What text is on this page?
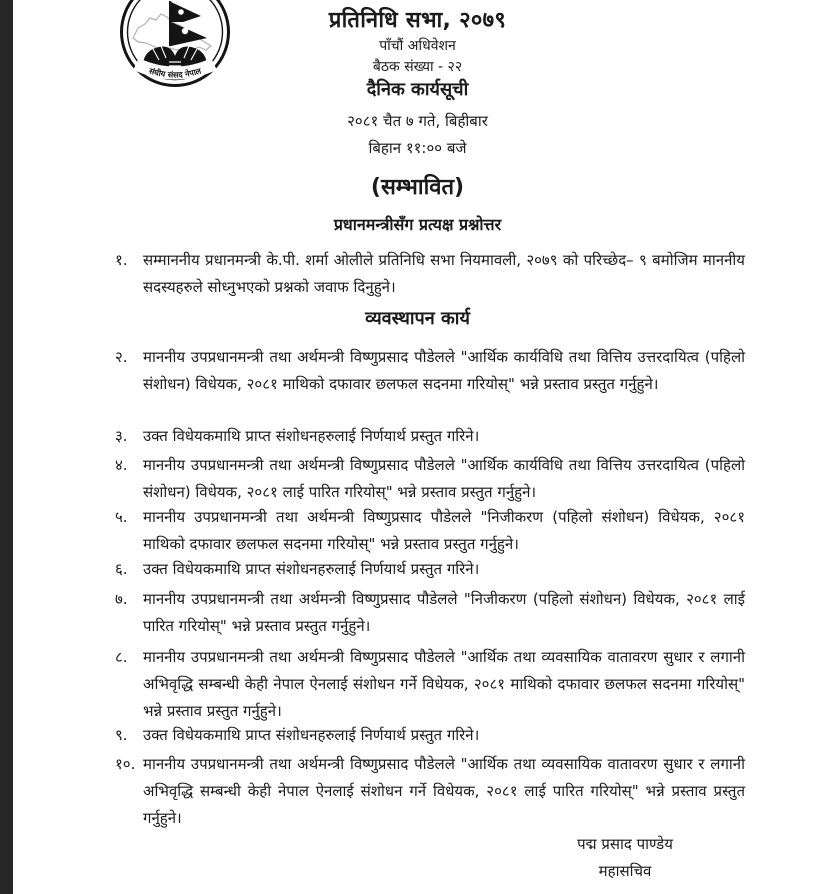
संघीय संसद नेपाल
प्रतिनिधि सभा, २०७९
पाँचौं अधिवेशन
बैठक संख्या - २२
दैनिक कार्यसूची
२०८१ चैत ७ गते, बिहीबार
बिहान ११:०० बजे
(सम्भावित)
प्रधानमन्त्रीसँग प्रत्यक्ष प्रश्नोत्तर
१.	सम्माननीय प्रधानमन्त्री के.पी. शर्मा ओलीले प्रतिनिधि सभा नियमावली, २०७९ को परिच्छेद– ९ बमोजिम माननीय सदस्यहरुले सोध्नुभएको प्रश्नको जवाफ दिनुहुने।
व्यवस्थापन कार्य
२.	माननीय उपप्रधानमन्त्री तथा अर्थमन्त्री विष्णुप्रसाद पौडेलले "आर्थिक कार्यविधि तथा वित्तिय उत्तरदायित्व (पहिलो संशोधन) विधेयक, २०८१ माथिको दफावार छलफल सदनमा गरियोस्" भन्ने प्रस्ताव प्रस्तुत गर्नुहुने।
३.	उक्त विधेयकमाथि प्राप्त संशोधनहरुलाई निर्णयार्थ प्रस्तुत गरिने।
४.	माननीय उपप्रधानमन्त्री तथा अर्थमन्त्री विष्णुप्रसाद पौडेलले "आर्थिक कार्यविधि तथा वित्तिय उत्तरदायित्व (पहिलो संशोधन) विधेयक, २०८१ लाई पारित गरियोस्" भन्ने प्रस्ताव प्रस्तुत गर्नुहुने।
५.	माननीय उपप्रधानमन्त्री तथा अर्थमन्त्री विष्णुप्रसाद पौडेलले "निजीकरण (पहिलो संशोधन) विधेयक, २०८१ माथिको दफावार छलफल सदनमा गरियोस्" भन्ने प्रस्ताव प्रस्तुत गर्नुहुने।
६.	उक्त विधेयकमाथि प्राप्त संशोधनहरुलाई निर्णयार्थ प्रस्तुत गरिने।
७.	माननीय उपप्रधानमन्त्री तथा अर्थमन्त्री विष्णुप्रसाद पौडेलले "निजीकरण (पहिलो संशोधन) विधेयक, २०८१ लाई पारित गरियोस्" भन्ने प्रस्ताव प्रस्तुत गर्नुहुने।
८.	माननीय उपप्रधानमन्त्री तथा अर्थमन्त्री विष्णुप्रसाद पौडेलले "आर्थिक तथा व्यवसायिक वातावरण सुधार र लगानी अभिवृद्धि सम्बन्धी केही नेपाल ऐनलाई संशोधन गर्ने विधेयक, २०८१ माथिको दफावार छलफल सदनमा गरियोस्" भन्ने प्रस्ताव प्रस्तुत गर्नुहुने।
९.	उक्त विधेयकमाथि प्राप्त संशोधनहरुलाई निर्णयार्थ प्रस्तुत गरिने।
१०. माननीय उपप्रधानमन्त्री तथा अर्थमन्त्री विष्णुप्रसाद पौडेलले "आर्थिक तथा व्यवसायिक वातावरण सुधार र लगानी अभिवृद्धि सम्बन्धी केही नेपाल ऐनलाई संशोधन गर्ने विधेयक, २०८१ लाई पारित गरियोस्" भन्ने प्रस्ताव प्रस्तुत गर्नुहुने।
पद्म प्रसाद पाण्डेय
महासचिव
